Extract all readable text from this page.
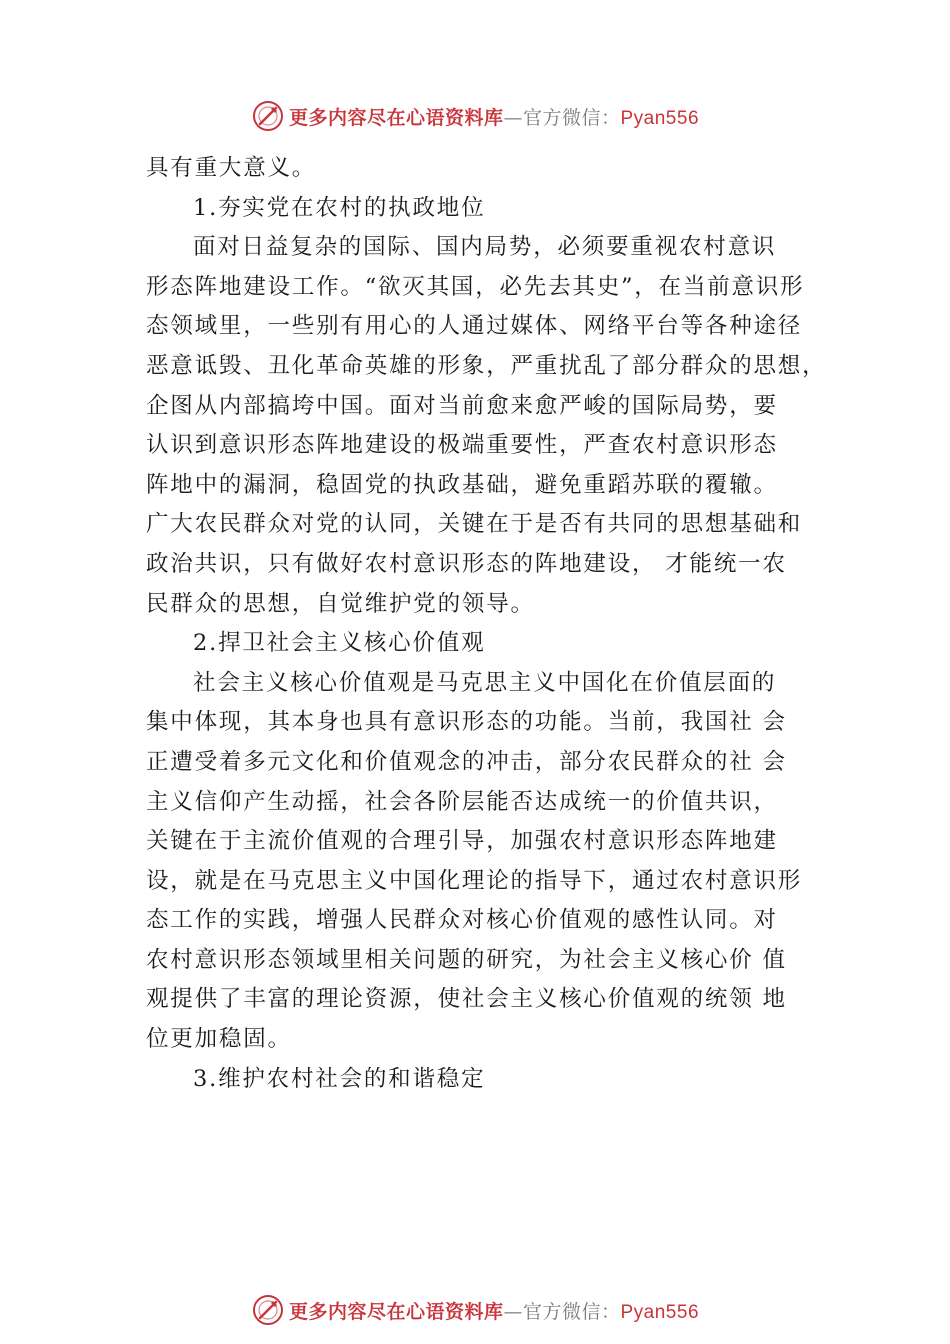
更多内容尽在心语资料库—官方微信：Pyan556
具有重大意义。
1.夯实党在农村的执政地位
面对日益复杂的国际、国内局势，必须要重视农村意识
形态阵地建设工作。“欲灭其国，必先去其史”，在当前意识形
态领域里，一些别有用心的人通过媒体、网络平台等各种途径
恶意诋毁、丑化革命英雄的形象，严重扰乱了部分群众的思想，
企图从内部搞垮中国。面对当前愈来愈严峻的国际局势，要
认识到意识形态阵地建设的极端重要性，严查农村意识形态
阵地中的漏洞，稳固党的执政基础，避免重蹈苏联的覆辙。
广大农民群众对党的认同，关键在于是否有共同的思想基础和
政治共识，只有做好农村意识形态的阵地建设， 才能统一农
民群众的思想，自觉维护党的领导。
2.捍卫社会主义核心价值观
社会主义核心价值观是马克思主义中国化在价值层面的
集中体现，其本身也具有意识形态的功能。当前，我国社 会
正遭受着多元文化和价值观念的冲击，部分农民群众的社 会
主义信仰产生动摇，社会各阶层能否达成统一的价值共识，
关键在于主流价值观的合理引导，加强农村意识形态阵地建
设，就是在马克思主义中国化理论的指导下，通过农村意识形
态工作的实践，增强人民群众对核心价值观的感性认同。对
农村意识形态领域里相关问题的研究，为社会主义核心价 值
观提供了丰富的理论资源，使社会主义核心价值观的统领 地
位更加稳固。
3.维护农村社会的和谐稳定
更多内容尽在心语资料库—官方微信：Pyan556
